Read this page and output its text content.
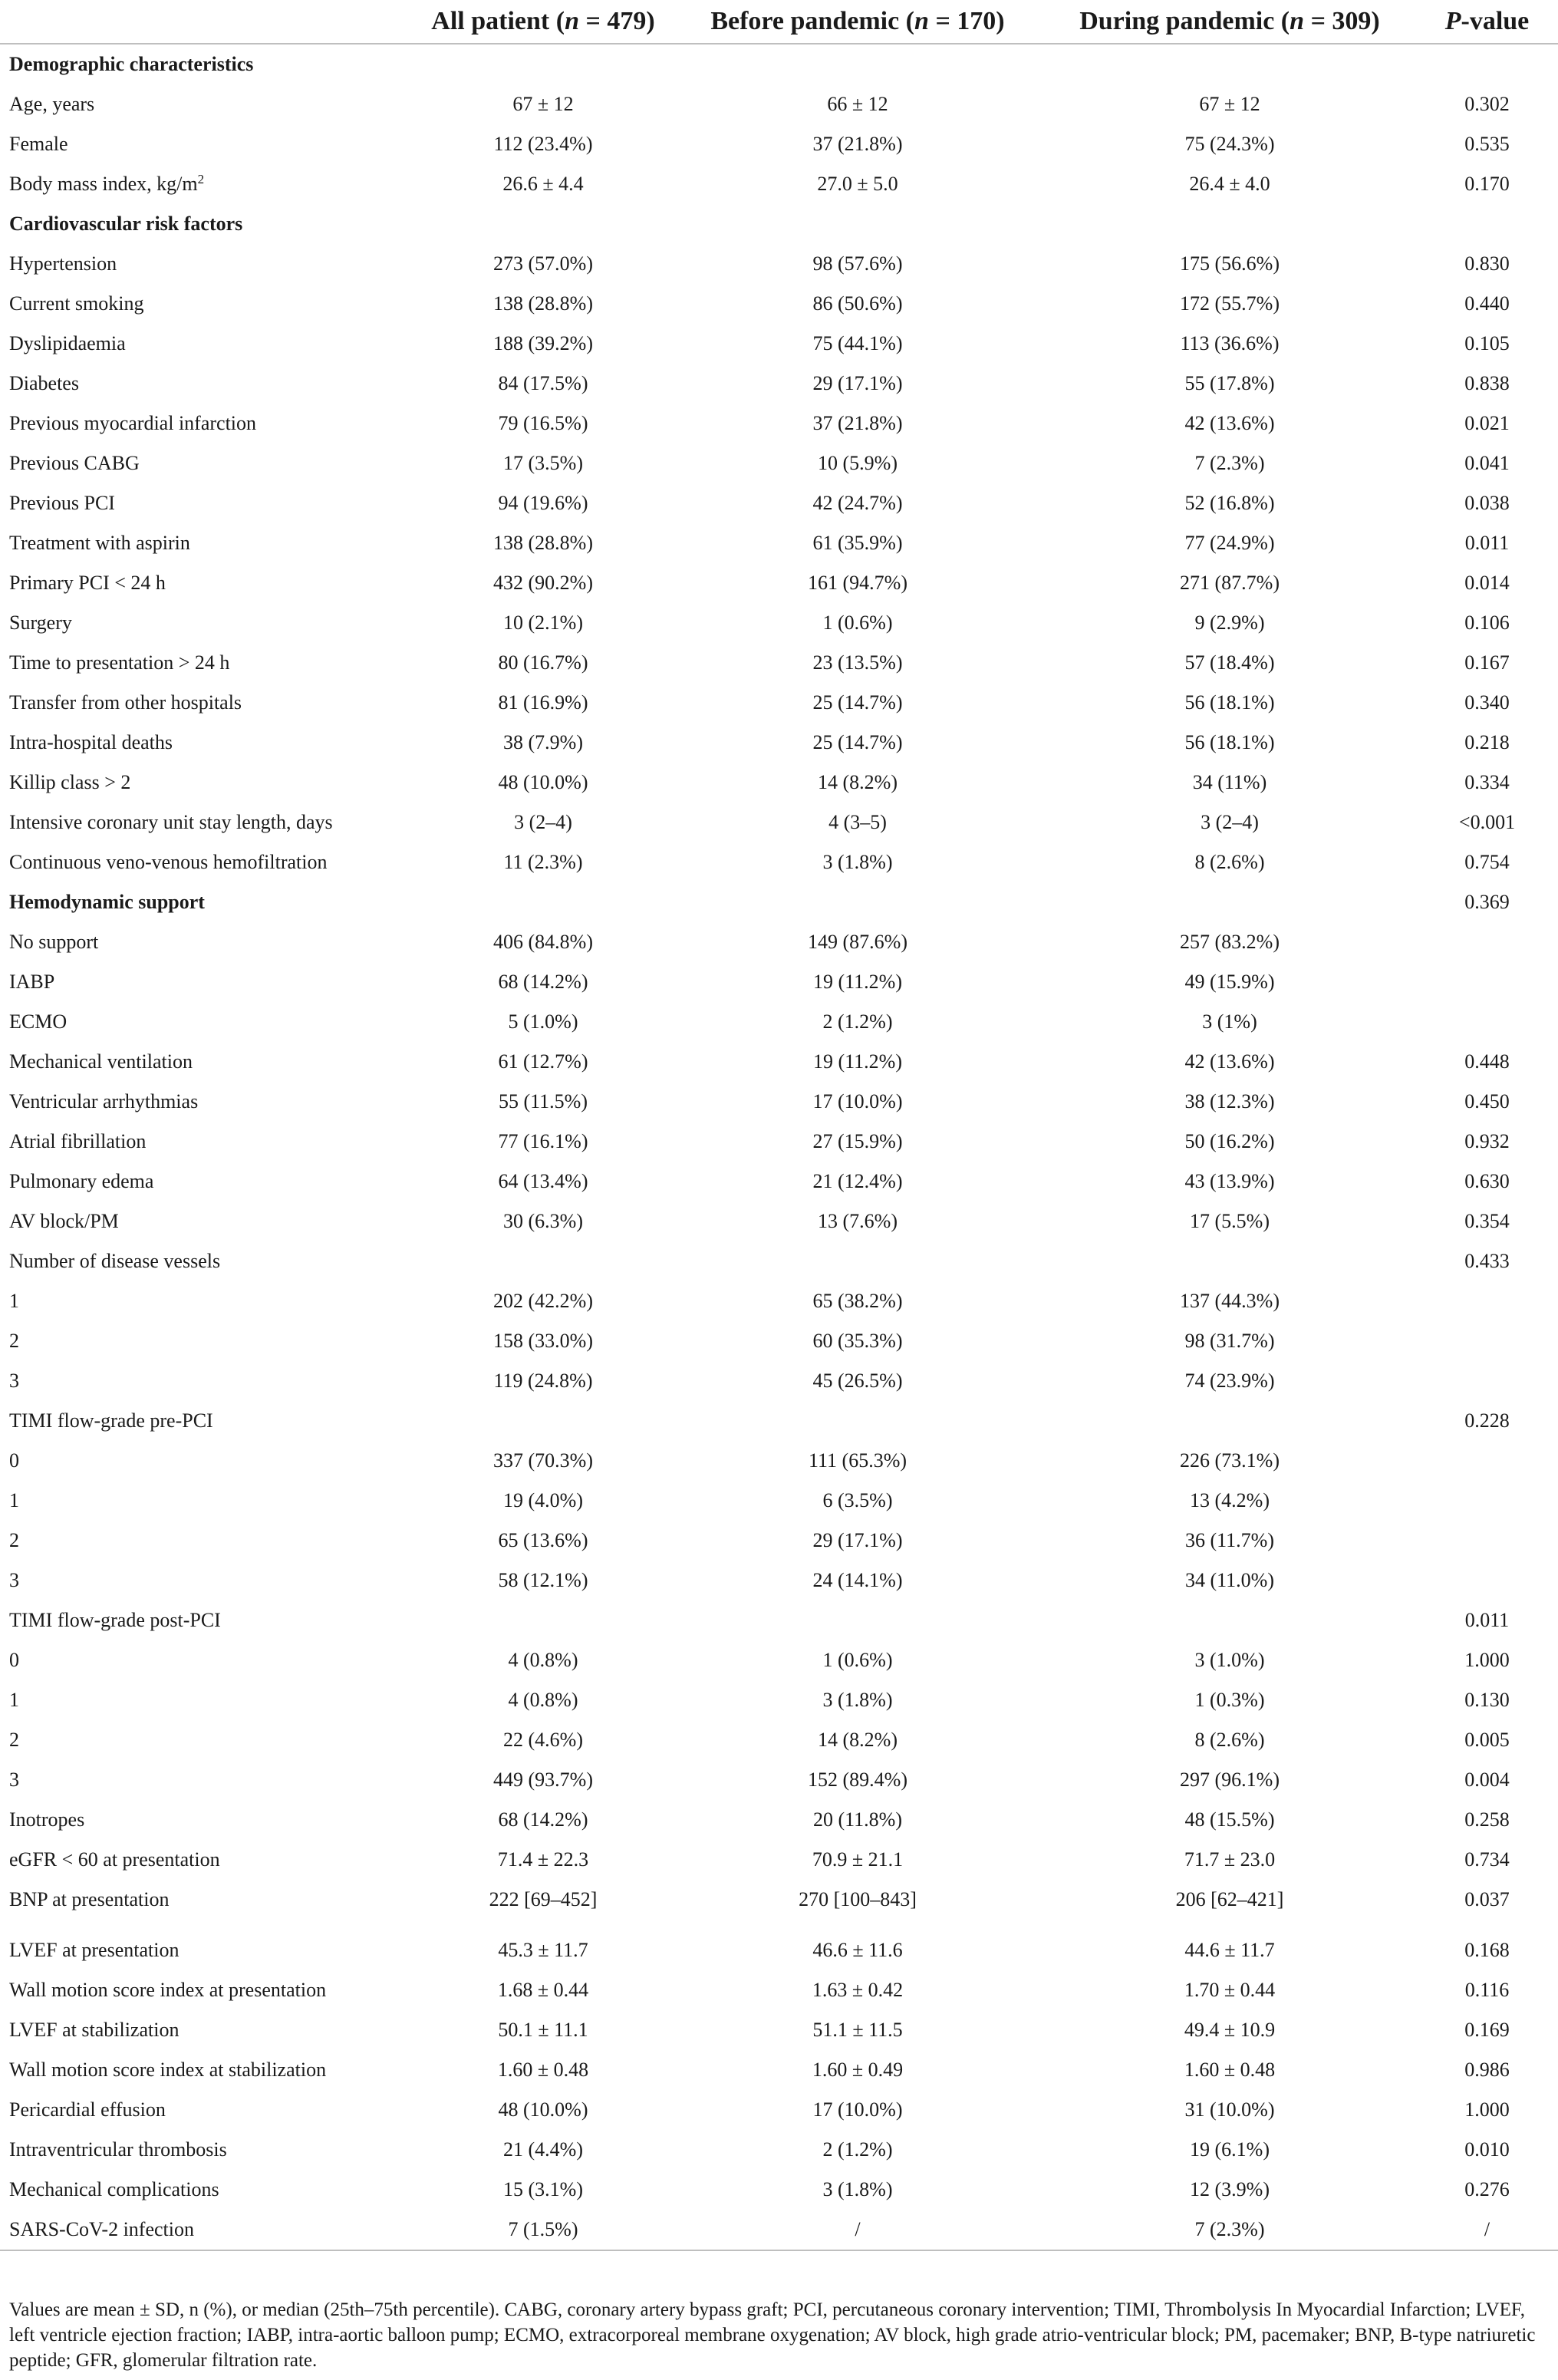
	All patient (n = 479)	Before pandemic (n = 170)	During pandemic (n = 309)	P-value
Demographic characteristics				
Age, years	67 ± 12	66 ± 12	67 ± 12	0.302
Female	112 (23.4%)	37 (21.8%)	75 (24.3%)	0.535
Body mass index, $kg/m^2$	26.6 ± 4.4	27.0 ± 5.0	26.4 ± 4.0	0.170
Cardiovascular risk factors				
Hypertension	273 (57.0%)	98 (57.6%)	175 (56.6%)	0.830
Current smoking	138 (28.8%)	86 (50.6%)	172 (55.7%)	0.440
Dyslipidaemia	188 (39.2%)	75 (44.1%)	113 (36.6%)	0.105
Diabetes	84 (17.5%)	29 (17.1%)	55 (17.8%)	0.838
Previous myocardial infarction	79 (16.5%)	37 (21.8%)	42 (13.6%)	0.021
Previous CABG	17 (3.5%)	10 (5.9%)	7 (2.3%)	0.041
Previous PCI	94 (19.6%)	42 (24.7%)	52 (16.8%)	0.038
Treatment with aspirin	138 (28.8%)	61 (35.9%)	77 (24.9%)	0.011
Primary PCI < 24 h	432 (90.2%)	161 (94.7%)	271 (87.7%)	0.014
Surgery	10 (2.1%)	1 (0.6%)	9 (2.9%)	0.106
Time to presentation > 24 h	80 (16.7%)	23 (13.5%)	57 (18.4%)	0.167
Transfer from other hospitals	81 (16.9%)	25 (14.7%)	56 (18.1%)	0.340
Intra-hospital deaths	38 (7.9%)	25 (14.7%)	56 (18.1%)	0.218
Killip class > 2	48 (10.0%)	14 (8.2%)	34 (11%)	0.334
Intensive coronary unit stay length, days	3 (2–4)	4 (3–5)	3 (2–4)	<0.001
Continuous veno-venous hemofiltration	11 (2.3%)	3 (1.8%)	8 (2.6%)	0.754
Hemodynamic support				0.369
No support	406 (84.8%)	149 (87.6%)	257 (83.2%)	
IABP	68 (14.2%)	19 (11.2%)	49 (15.9%)	
ECMO	5 (1.0%)	2 (1.2%)	3 (1%)	
Mechanical ventilation	61 (12.7%)	19 (11.2%)	42 (13.6%)	0.448
Ventricular arrhythmias	55 (11.5%)	17 (10.0%)	38 (12.3%)	0.450
Atrial fibrillation	77 (16.1%)	27 (15.9%)	50 (16.2%)	0.932
Pulmonary edema	64 (13.4%)	21 (12.4%)	43 (13.9%)	0.630
AV block/PM	30 (6.3%)	13 (7.6%)	17 (5.5%)	0.354
Number of disease vessels				0.433
1	202 (42.2%)	65 (38.2%)	137 (44.3%)	
2	158 (33.0%)	60 (35.3%)	98 (31.7%)	
3	119 (24.8%)	45 (26.5%)	74 (23.9%)	
TIMI flow-grade pre-PCI				0.228
0	337 (70.3%)	111 (65.3%)	226 (73.1%)	
1	19 (4.0%)	6 (3.5%)	13 (4.2%)	
2	65 (13.6%)	29 (17.1%)	36 (11.7%)	
3	58 (12.1%)	24 (14.1%)	34 (11.0%)	
TIMI flow-grade post-PCI				0.011
0	4 (0.8%)	1 (0.6%)	3 (1.0%)	1.000
1	4 (0.8%)	3 (1.8%)	1 (0.3%)	0.130
2	22 (4.6%)	14 (8.2%)	8 (2.6%)	0.005
3	449 (93.7%)	152 (89.4%)	297 (96.1%)	0.004
Inotropes	68 (14.2%)	20 (11.8%)	48 (15.5%)	0.258
eGFR < 60 at presentation	71.4 ± 22.3	70.9 ± 21.1	71.7 ± 23.0	0.734
BNP at presentation	222 [69–452]	270 [100–843]	206 [62–421]	0.037
LVEF at presentation	45.3 ± 11.7	46.6 ± 11.6	44.6 ± 11.7	0.168
Wall motion score index at presentation	1.68 ± 0.44	1.63 ± 0.42	1.70 ± 0.44	0.116
LVEF at stabilization	50.1 ± 11.1	51.1 ± 11.5	49.4 ± 10.9	0.169
Wall motion score index at stabilization	1.60 ± 0.48	1.60 ± 0.49	1.60 ± 0.48	0.986
Pericardial effusion	48 (10.0%)	17 (10.0%)	31 (10.0%)	1.000
Intraventricular thrombosis	21 (4.4%)	2 (1.2%)	19 (6.1%)	0.010
Mechanical complications	15 (3.1%)	3 (1.8%)	12 (3.9%)	0.276
SARS-CoV-2 infection	7 (1.5%)	/	7 (2.3%)	/
Values are mean ± SD, n (%), or median (25th–75th percentile). CABG, coronary artery bypass graft; PCI, percutaneous coronary intervention; TIMI, Thrombolysis In Myocardial Infarction; LVEF, left ventricle ejection fraction; IABP, intra-aortic balloon pump; ECMO, extracorporeal membrane oxygenation; AV block, high grade atrio-ventricular block; PM, pacemaker; BNP, B-type natriuretic peptide; GFR, glomerular filtration rate.
